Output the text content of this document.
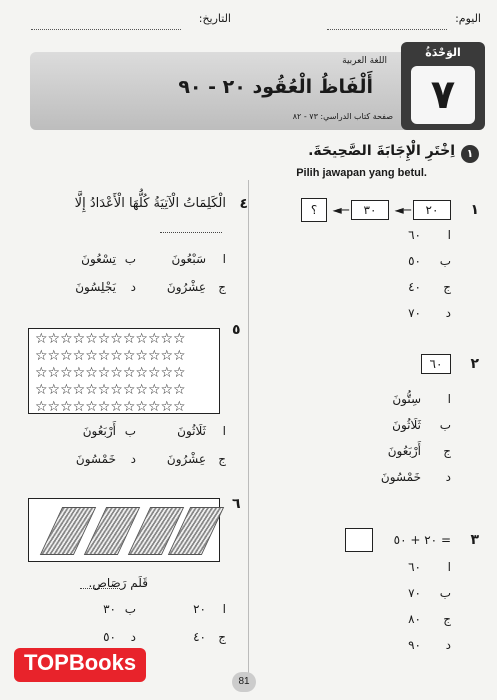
اليوم:
التاريخ:
اللغة العربية
أَلْفَاظُ الْعُقُود ٢٠ - ٩٠
صفحة كتاب الدراسي: ٧٣ - ٨٢
الوَحْدَةُ
٧
١
اِخْتَرِ الْإِجَابَةَ الصَّحِيحَةَ.
Pilih jawapan yang betul.
١
٢٠
◄─
٣٠
◄─
؟
ا
٦٠
ب
٥٠
ج
٤٠
د
٧٠
٢
٦٠
ا
سِتُّونَ
ب
ثَلَاثُونَ
ج
أَرْبَعُونَ
د
خَمْسُونَ
٣
= ٢٠ + ٥٠
ا
٦٠
ب
٧٠
ج
٨٠
د
٩٠
٤
الْكَلِمَاتُ الْآتِيَةُ كُلُّهَا الْأَعْدَادُ إِلَّا
ا
سَبْعُونَ
ب
تِسْعُونَ
ج
عِشْرُونَ
د
يَجْلِسُونَ
٥
☆☆☆☆☆☆☆☆☆☆☆☆
☆☆☆☆☆☆☆☆☆☆☆☆
☆☆☆☆☆☆☆☆☆☆☆☆
☆☆☆☆☆☆☆☆☆☆☆☆
☆☆☆☆☆☆☆☆☆☆☆☆
ا
ثَلَاثُونَ
ب
أَرْبَعُونَ
ج
عِشْرُونَ
د
خَمْسُونَ
٦
قَلَم رَصَاص.
ا
٢٠
ب
٣٠
ج
٤٠
د
٥٠
TOPBooks
81
